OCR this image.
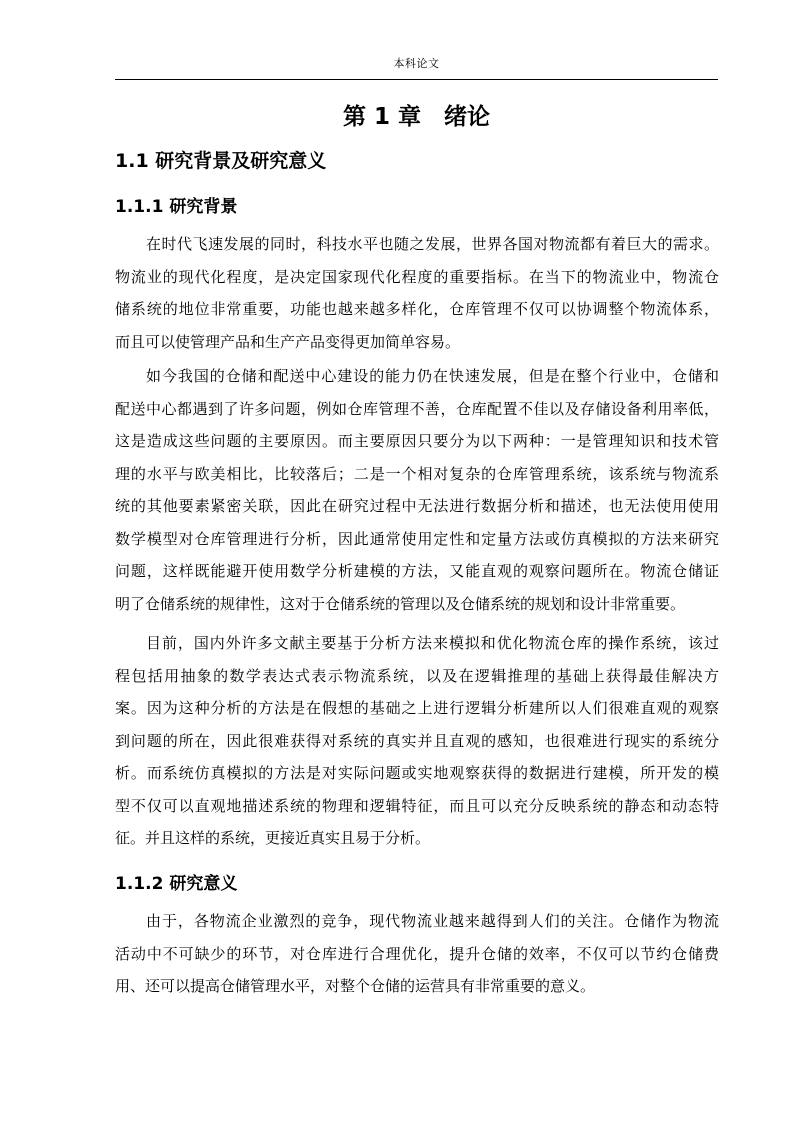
本科论文
第 1 章　绪论
1.1 研究背景及研究意义
1.1.1 研究背景
在时代飞速发展的同时，科技水平也随之发展，世界各国对物流都有着巨大的需求。
物流业的现代化程度，是决定国家现代化程度的重要指标。在当下的物流业中，物流仓
储系统的地位非常重要，功能也越来越多样化，仓库管理不仅可以协调整个物流体系，
而且可以使管理产品和生产产品变得更加简单容易。
如今我国的仓储和配送中心建设的能力仍在快速发展，但是在整个行业中，仓储和
配送中心都遇到了许多问题，例如仓库管理不善，仓库配置不佳以及存储设备利用率低，
这是造成这些问题的主要原因。而主要原因只要分为以下两种：一是管理知识和技术管
理的水平与欧美相比，比较落后；二是一个相对复杂的仓库管理系统，该系统与物流系
统的其他要素紧密关联，因此在研究过程中无法进行数据分析和描述，也无法使用使用
数学模型对仓库管理进行分析，因此通常使用定性和定量方法或仿真模拟的方法来研究
问题，这样既能避开使用数学分析建模的方法，又能直观的观察问题所在。物流仓储证
明了仓储系统的规律性，这对于仓储系统的管理以及仓储系统的规划和设计非常重要。
目前，国内外许多文献主要基于分析方法来模拟和优化物流仓库的操作系统，该过
程包括用抽象的数学表达式表示物流系统，以及在逻辑推理的基础上获得最佳解决方
案。因为这种分析的方法是在假想的基础之上进行逻辑分析建所以人们很难直观的观察
到问题的所在，因此很难获得对系统的真实并且直观的感知，也很难进行现实的系统分
析。而系统仿真模拟的方法是对实际问题或实地观察获得的数据进行建模，所开发的模
型不仅可以直观地描述系统的物理和逻辑特征，而且可以充分反映系统的静态和动态特
征。并且这样的系统，更接近真实且易于分析。
1.1.2 研究意义
由于，各物流企业激烈的竞争，现代物流业越来越得到人们的关注。仓储作为物流
活动中不可缺少的环节，对仓库进行合理优化，提升仓储的效率，不仅可以节约仓储费
用、还可以提高仓储管理水平，对整个仓储的运营具有非常重要的意义。
